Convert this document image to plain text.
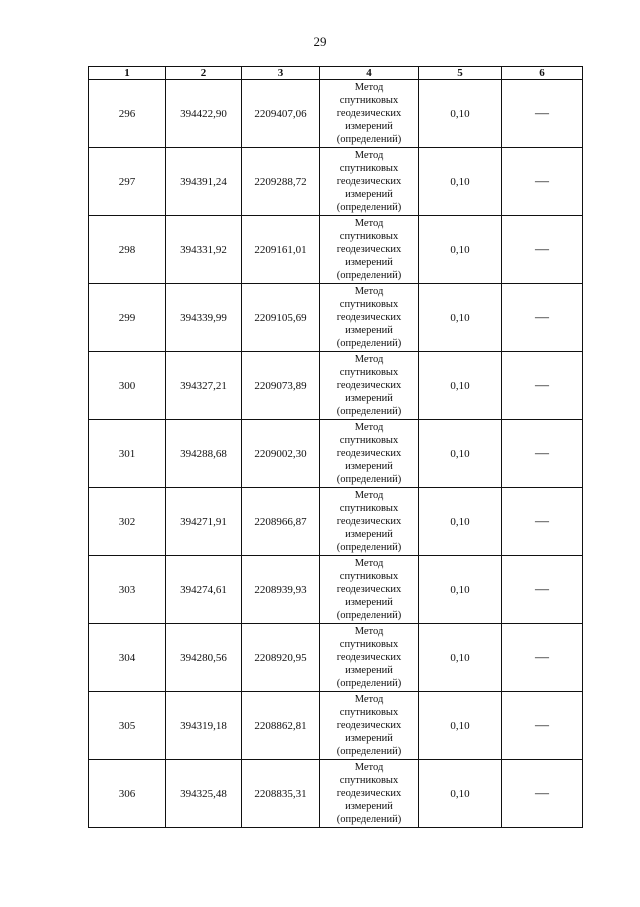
29
1	2	3	4	5	6
296	394422,90	2209407,06	Метод
спутниковых
геодезических
измерений
(определений)	0,10	—
297	394391,24	2209288,72	Метод
спутниковых
геодезических
измерений
(определений)	0,10	—
298	394331,92	2209161,01	Метод
спутниковых
геодезических
измерений
(определений)	0,10	—
299	394339,99	2209105,69	Метод
спутниковых
геодезических
измерений
(определений)	0,10	—
300	394327,21	2209073,89	Метод
спутниковых
геодезических
измерений
(определений)	0,10	—
301	394288,68	2209002,30	Метод
спутниковых
геодезических
измерений
(определений)	0,10	—
302	394271,91	2208966,87	Метод
спутниковых
геодезических
измерений
(определений)	0,10	—
303	394274,61	2208939,93	Метод
спутниковых
геодезических
измерений
(определений)	0,10	—
304	394280,56	2208920,95	Метод
спутниковых
геодезических
измерений
(определений)	0,10	—
305	394319,18	2208862,81	Метод
спутниковых
геодезических
измерений
(определений)	0,10	—
306	394325,48	2208835,31	Метод
спутниковых
геодезических
измерений
(определений)	0,10	—
